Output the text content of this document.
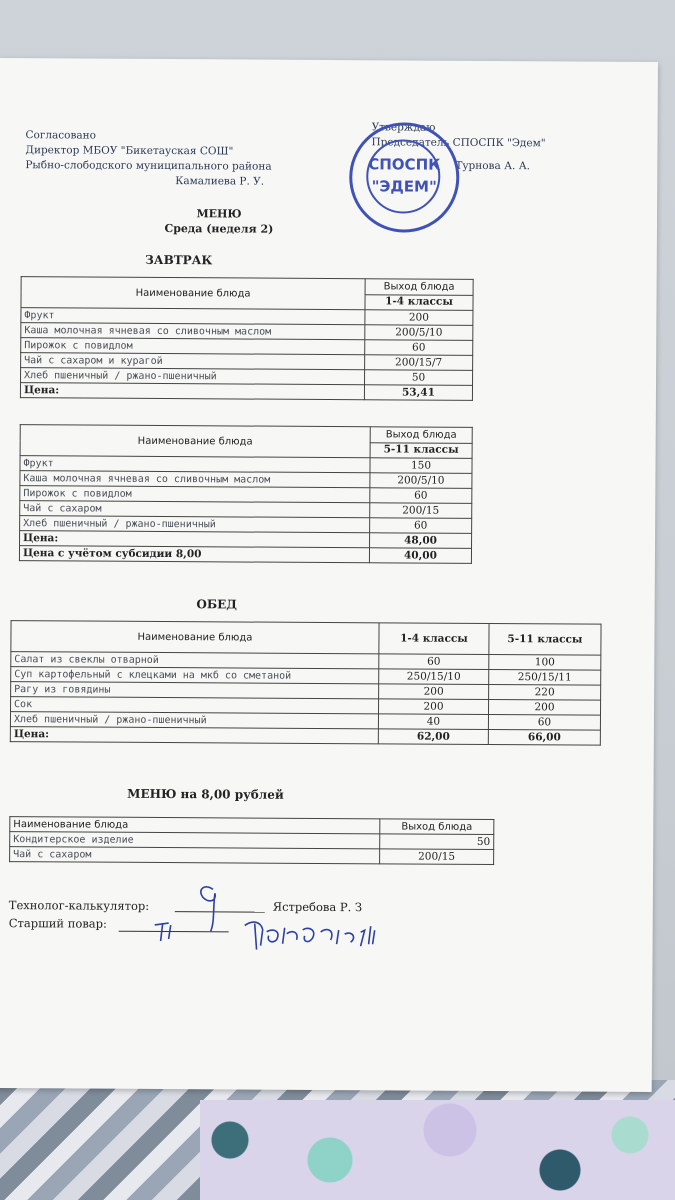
Согласовано
Директор МБОУ "Бикетауская СОШ"
Рыбно-слободского муниципального района
Камалиева Р. У.
Утверждаю
Председатель СПОСПК "Эдем"
Турнова А. А.
СПОСПК
"ЭДЕМ"
МЕНЮ
Среда (неделя 2)
ЗАВТРАК
Наименование блюда	Выход блюда
	1-4 классы
Фрукт	200
Каша молочная ячневая со сливочным маслом	200/5/10
Пирожок с повидлом	60
Чай с сахаром и курагой	200/15/7
Хлеб пшеничный / ржано-пшеничный	50
Цена:	53,41
Наименование блюда	Выход блюда
	5-11 классы
Фрукт	150
Каша молочная ячневая со сливочным маслом	200/5/10
Пирожок с повидлом	60
Чай с сахаром	200/15
Хлеб пшеничный / ржано-пшеничный	60
Цена:	48,00
Цена с учётом субсидии 8,00	40,00
ОБЕД
Наименование блюда	1-4 классы	5-11 классы
Салат из свеклы отварной	60	100
Суп картофельный с клецками на мкб со сметаной	250/15/10	250/15/11
Рагу из говядины	200	220
Сок	200	200
Хлеб пшеничный / ржано-пшеничный	40	60
Цена:	62,00	66,00
МЕНЮ на 8,00 рублей
Наименование блюда	Выход блюда
Кондитерское изделие	50
Чай с сахаром	200/15
Технолог-калькулятор:	Ястребова Р. З
Старший повар:
